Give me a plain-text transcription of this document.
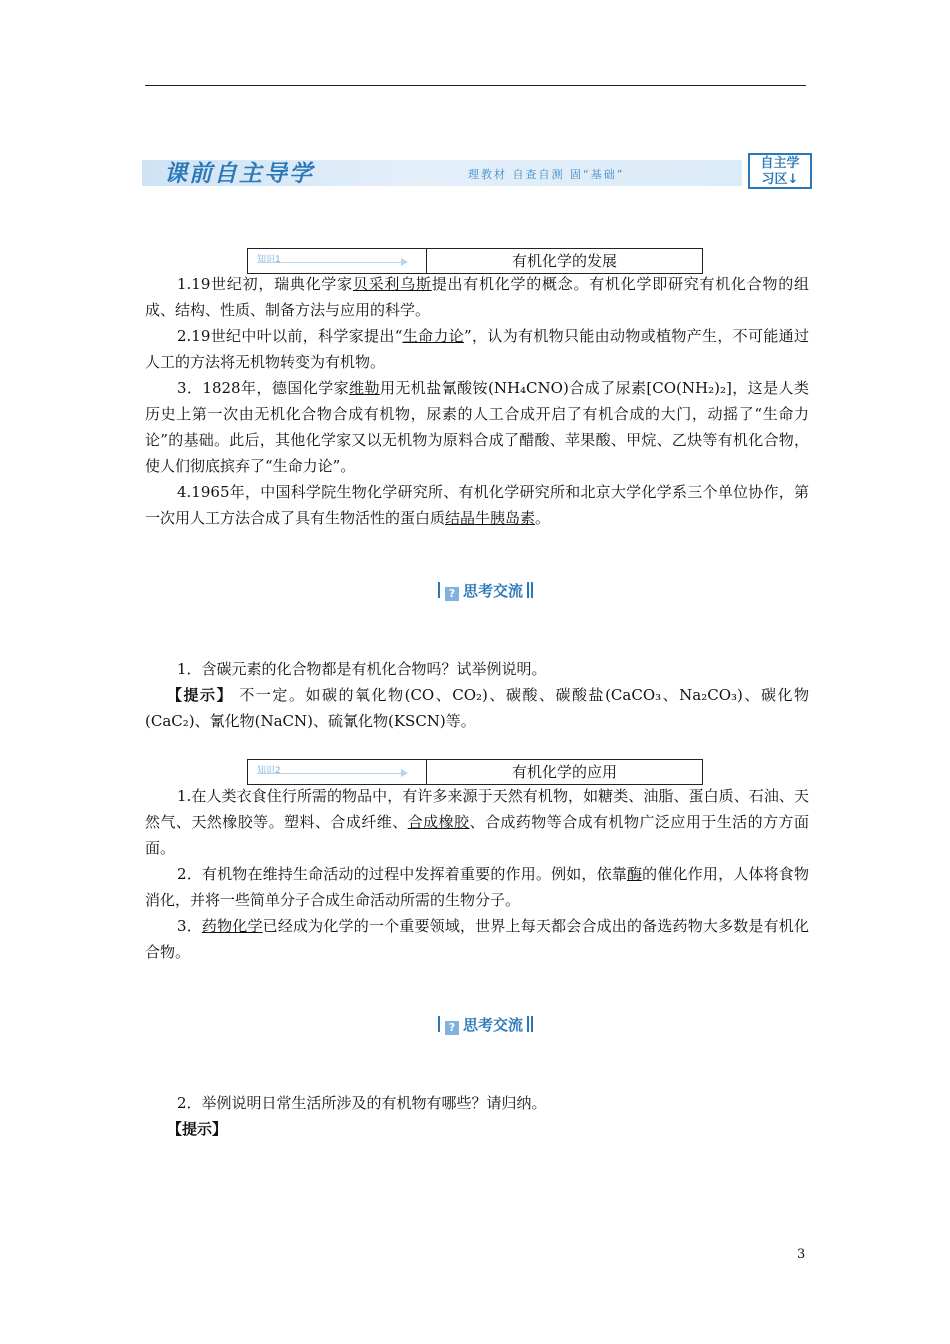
课前自主导学	理教材 自查自测 固“基础”
自主学
习区↓
知识1	有机化学的发展

1.19世纪初，瑞典化学家贝采利乌斯提出有机化学的概念。有机化学即研究有机化合物的组成、结构、性质、制备方法与应用的科学。

2.19世纪中叶以前，科学家提出“生命力论”，认为有机物只能由动物或植物产生，不可能通过人工的方法将无机物转变为有机物。

3．1828年，德国化学家维勒用无机盐氰酸铵(NH₄CNO)合成了尿素[CO(NH₂)₂]，这是人类历史上第一次由无机化合物合成有机物，尿素的人工合成开启了有机合成的大门，动摇了“生命力论”的基础。此后，其他化学家又以无机物为原料合成了醋酸、苹果酸、甲烷、乙炔等有机化合物，使人们彻底摈弃了“生命力论”。

4.1965年，中国科学院生物化学研究所、有机化学研究所和北京大学化学系三个单位协作，第一次用人工方法合成了具有生物活性的蛋白质结晶牛胰岛素。

? 思考交流

1．含碳元素的化合物都是有机化合物吗？试举例说明。

【提示】 不一定。如碳的氧化物(CO、CO₂)、碳酸、碳酸盐(CaCO₃、Na₂CO₃)、碳化物(CaC₂)、氰化物(NaCN)、硫氰化物(KSCN)等。

知识2	有机化学的应用

1.在人类衣食住行所需的物品中，有许多来源于天然有机物，如糖类、油脂、蛋白质、石油、天然气、天然橡胶等。塑料、合成纤维、合成橡胶、合成药物等合成有机物广泛应用于生活的方方面面。

2．有机物在维持生命活动的过程中发挥着重要的作用。例如，依靠酶的催化作用，人体将食物消化，并将一些简单分子合成生命活动所需的生物分子。

3．药物化学已经成为化学的一个重要领域，世界上每天都会合成出的备选药物大多数是有机化合物。

? 思考交流

2．举例说明日常生活所涉及的有机物有哪些？请归纳。

【提示】

3
